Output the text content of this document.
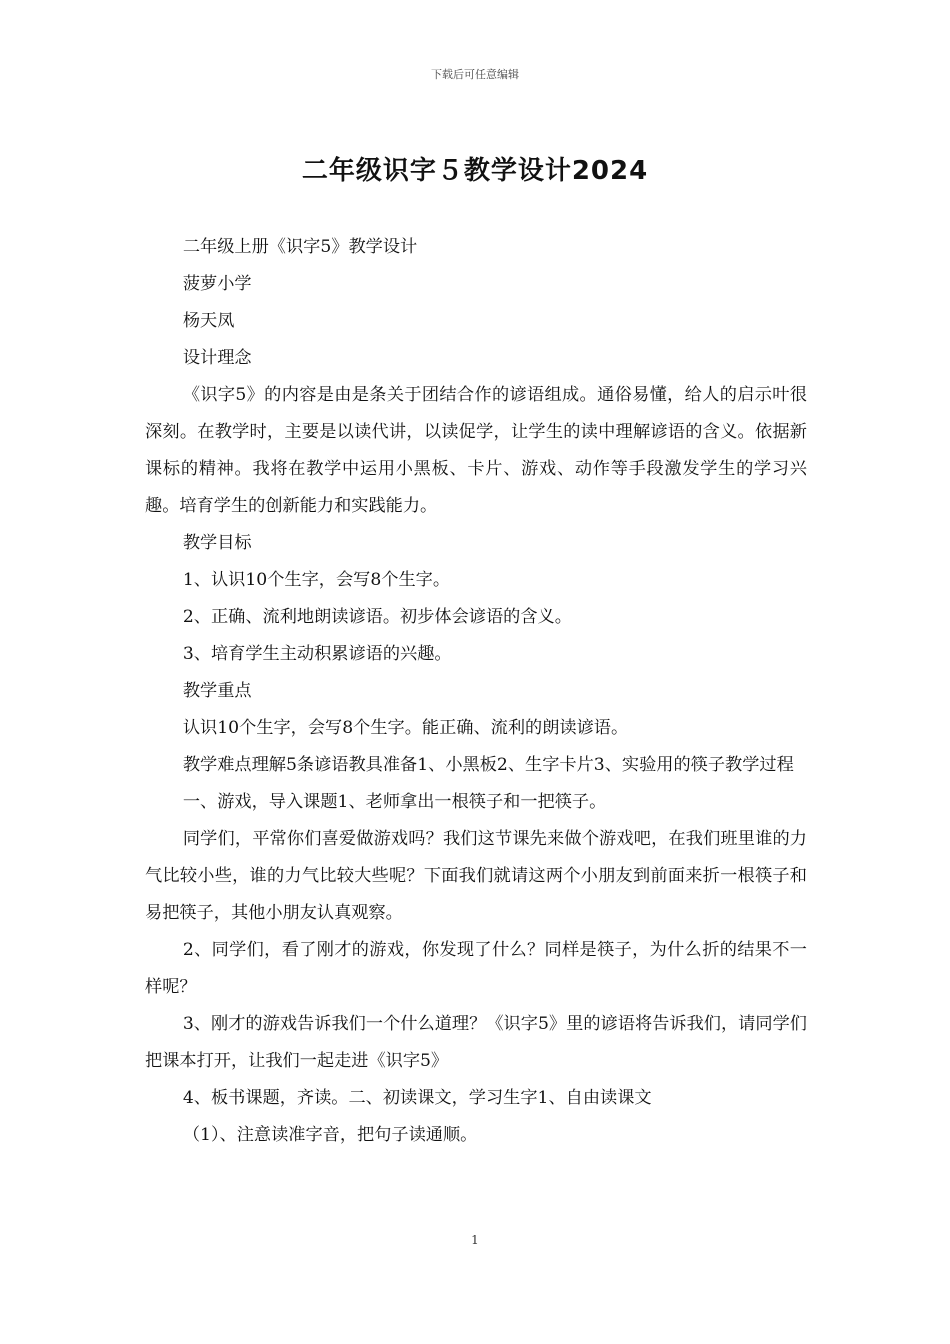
下载后可任意编辑
二年级识字５教学设计2024

二年级上册《识字5》教学设计

菠萝小学

杨天凤

设计理念

《识字5》的内容是由是条关于团结合作的谚语组成。通俗易懂，给人的启示叶很深刻。在教学时，主要是以读代讲，以读促学，让学生的读中理解谚语的含义。依据新课标的精神。我将在教学中运用小黑板、卡片、游戏、动作等手段激发学生的学习兴趣。培育学生的创新能力和实践能力。

教学目标

1、认识10个生字，会写8个生字。

2、正确、流利地朗读谚语。初步体会谚语的含义。

3、培育学生主动积累谚语的兴趣。

教学重点

认识10个生字，会写8个生字。能正确、流利的朗读谚语。

教学难点理解5条谚语教具准备1、小黑板2、生字卡片3、实验用的筷子教学过程

一、游戏，导入课题1、老师拿出一根筷子和一把筷子。

同学们，平常你们喜爱做游戏吗？我们这节课先来做个游戏吧，在我们班里谁的力气比较小些，谁的力气比较大些呢？下面我们就请这两个小朋友到前面来折一根筷子和易把筷子，其他小朋友认真观察。

2、同学们，看了刚才的游戏，你发现了什么？同样是筷子，为什么折的结果不一样呢？

3、刚才的游戏告诉我们一个什么道理？《识字5》里的谚语将告诉我们，请同学们把课本打开，让我们一起走进《识字5》

4、板书课题，齐读。二、初读课文，学习生字1、自由读课文

（1）、注意读准字音，把句子读通顺。

1
